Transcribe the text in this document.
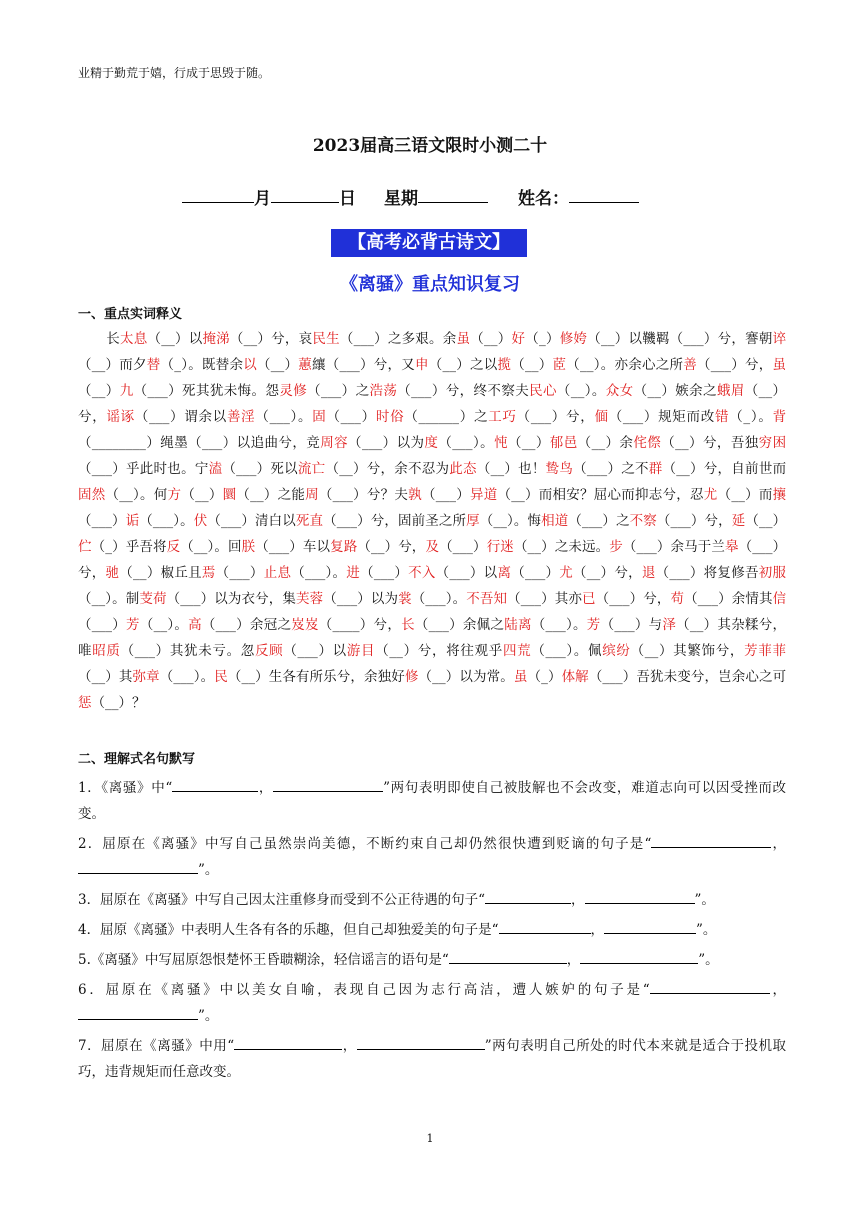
业精于勤荒于嬉，行成于思毁于随。
2023届高三语文限时小测二十
月	日 星期	姓名：
【高考必背古诗文】
《离骚》重点知识复习
一、重点实词释义
长太息（__）以掩涕（__）兮，哀民生（___）之多艰。余虽（__）好（_）修姱（__）以鞿羁（___）兮，謇朝谇（__）而夕替（_）。既替余以（__）蕙纕（___）兮，又申（__）之以揽（__）茝（__）。亦余心之所善（___）兮，虽（__）九（___）死其犹未悔。怨灵修（___）之浩荡（___）兮，终不察夫民心（__）。众女（__）嫉余之蛾眉（__）兮，谣诼（___）谓余以善淫（___）。固（___）时俗（______）之工巧（___）兮，偭（___）规矩而改错（_）。背（________）绳墨（___）以追曲兮，竞周容（___）以为度（___）。忳（__）郁邑（__）余侘傺（__）兮，吾独穷困（___）乎此时也。宁溘（___）死以流亡（__）兮，余不忍为此态（__）也！鸷鸟（___）之不群（__）兮，自前世而固然（__）。何方（__）圜（__）之能周（___）兮？夫孰（___）异道（__）而相安？屈心而抑志兮，忍尤（__）而攘（___）诟（___）。伏（___）清白以死直（___）兮，固前圣之所厚（__）。悔相道（___）之不察（___）兮，延（__）伫（_）乎吾将反（__）。回朕（___）车以复路（__）兮，及（___）行迷（__）之未远。步（___）余马于兰皋（___）兮，驰（__）椒丘且焉（___）止息（___）。进（___）不入（___）以离（___）尤（__）兮，退（___）将复修吾初服（__）。制芰荷（___）以为衣兮，集芙蓉（___）以为裳（___）。不吾知（___）其亦已（___）兮，苟（___）余情其信（___）芳（__）。高（___）余冠之岌岌（____）兮，长（___）余佩之陆离（___）。芳（___）与泽（__）其杂糅兮，唯昭质（___）其犹未亏。忽反顾（___）以游目（__）兮，将往观乎四荒（___）。佩缤纷（__）其繁饰兮，芳菲菲（__）其弥章（___）。民（__）生各有所乐兮，余独好修（__）以为常。虽（_）体解（___）吾犹未变兮，岂余心之可惩（__）？
二、理解式名句默写
1．《离骚》中“	，	”两句表明即使自己被肢解也不会改变，难道志向可以因受挫而改变。
2．屈原在《离骚》中写自己虽然崇尚美德，不断约束自己却仍然很快遭到贬谪的句子是“	，”。
3．屈原在《离骚》中写自己因太注重修身而受到不公正待遇的句子“	，	”。
4．屈原《离骚》中表明人生各有各的乐趣，但自己却独爱美的句子是“	，	”。
5.《离骚》中写屈原怨恨楚怀王昏聩糊涂，轻信谣言的语句是“	，	”。
6．屈原在《离骚》中以美女自喻，表现自己因为志行高洁，遭人嫉妒的句子是“	，”。
7．屈原在《离骚》中用“	，	”两句表明自己所处的时代本来就是适合于投机取巧，违背规矩而任意改变。
1
